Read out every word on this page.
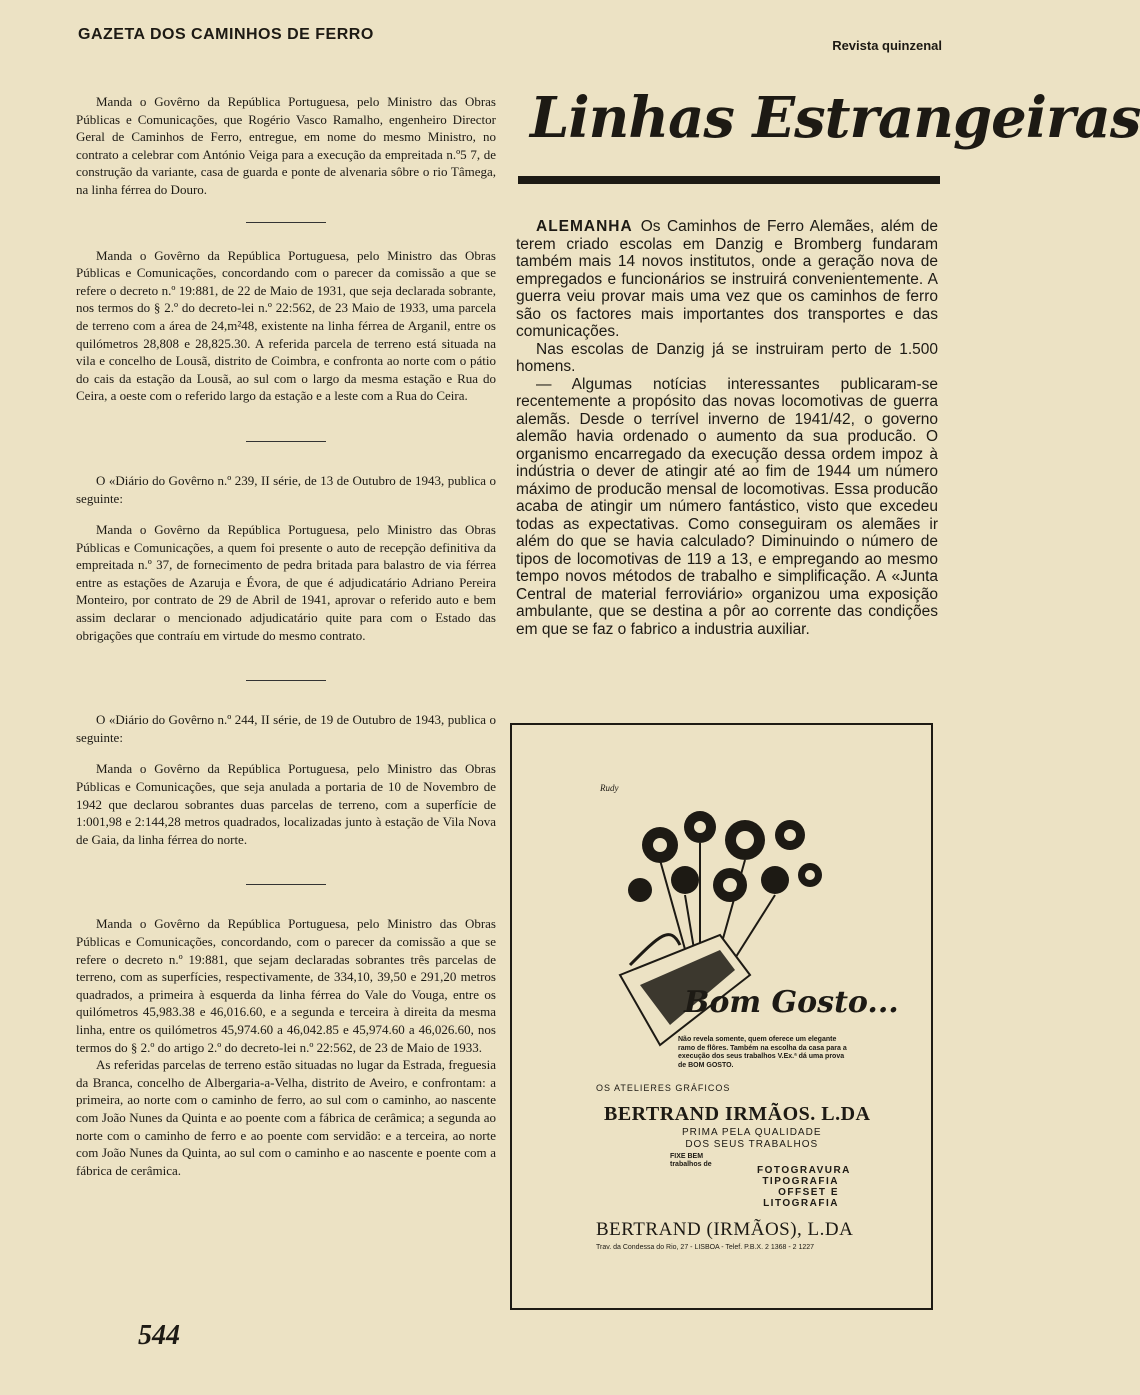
GAZETA DOS CAMINHOS DE FERRO
Revista quinzenal

Manda o Govêrno da República Portuguesa, pelo Ministro das Obras Públicas e Comunicações, que Rogério Vasco Ramalho, engenheiro Director Geral de Caminhos de Ferro, entregue, em nome do mesmo Ministro, no contrato a celebrar com António Veiga para a execução da empreitada n.º5 7, de construção da variante, casa de guarda e ponte de alvenaria sôbre o rio Tâmega, na linha férrea do Douro.

Manda o Govêrno da República Portuguesa, pelo Ministro das Obras Públicas e Comunicações, concordando com o parecer da comissão a que se refere o decreto n.º 19:881, de 22 de Maio de 1931, que seja declarada sobrante, nos termos do § 2.º do decreto-lei n.º 22:562, de 23 Maio de 1933, uma parcela de terreno com a área de 24,m²48, existente na linha férrea de Arganil, entre os quilómetros 28,808 e 28,825.30. A referida parcela de terreno está situada na vila e concelho de Lousã, distrito de Coimbra, e confronta ao norte com o pátio do cais da estação da Lousã, ao sul com o largo da mesma estação e Rua do Ceira, a oeste com o referido largo da estação e a leste com a Rua do Ceira.

O «Diário do Govêrno n.º 239, II série, de 13 de Outubro de 1943, publica o seguinte:

Manda o Govêrno da República Portuguesa, pelo Ministro das Obras Públicas e Comunicações, a quem foi presente o auto de recepção definitiva da empreitada n.º 37, de fornecimento de pedra britada para balastro de via férrea entre as estações de Azaruja e Évora, de que é adjudicatário Adriano Pereira Monteiro, por contrato de 29 de Abril de 1941, aprovar o referido auto e bem assim declarar o mencionado adjudicatário quite para com o Estado das obrigações que contraíu em virtude do mesmo contrato.

O «Diário do Govêrno n.º 244, II série, de 19 de Outubro de 1943, publica o seguinte:

Manda o Govêrno da República Portuguesa, pelo Ministro das Obras Públicas e Comunicações, que seja anulada a portaria de 10 de Novembro de 1942 que declarou sobrantes duas parcelas de terreno, com a superfície de 1:001,98 e 2:144,28 metros quadrados, localizadas junto à estação de Vila Nova de Gaia, da linha férrea do norte.

Manda o Govêrno da República Portuguesa, pelo Ministro das Obras Públicas e Comunicações, concordando, com o parecer da comissão a que se refere o decreto n.º 19:881, que sejam declaradas sobrantes três parcelas de terreno, com as superfícies, respectivamente, de 334,10, 39,50 e 291,20 metros quadrados, a primeira à esquerda da linha férrea do Vale do Vouga, entre os quilómetros 45,983.38 e 46,016.60, e a segunda e terceira à direita da mesma linha, entre os quilómetros 45,974.60 a 46,042.85 e 45,974.60 a 46,026.60, nos termos do § 2.º do artigo 2.º do decreto-lei n.º 22:562, de 23 de Maio de 1933.

As referidas parcelas de terreno estão situadas no lugar da Estrada, freguesia da Branca, concelho de Albergaria-a-Velha, distrito de Aveiro, e confrontam: a primeira, ao norte com o caminho de ferro, ao sul com o caminho, ao nascente com João Nunes da Quinta e ao poente com a fábrica de cerâmica; a segunda ao norte com o caminho de ferro e ao poente com servidão: e a terceira, ao norte com João Nunes da Quinta, ao sul com o caminho e ao nascente e poente com a fábrica de cerâmica.

544
Linhas Estrangeiras

ALEMANHA Os Caminhos de Ferro Alemães, além de terem criado escolas em Danzig e Bromberg fundaram também mais 14 novos institutos, onde a geração nova de empregados e funcionários se instruirá convenientemente. A guerra veiu provar mais uma vez que os caminhos de ferro são os factores mais importantes dos transportes e das comunicações.

Nas escolas de Danzig já se instruiram perto de 1.500 homens.

— Algumas notícias interessantes publicaram-se recentemente a propósito das novas locomotivas de guerra alemãs. Desde o terrível inverno de 1941/42, o governo alemão havia ordenado o aumento da sua producão. O organismo encarregado da execução dessa ordem impoz à indústria o dever de atingir até ao fim de 1944 um número máximo de producão mensal de locomotivas. Essa producão acaba de atingir um número fantástico, visto que excedeu todas as expectativas. Como conseguiram os alemães ir além do que se havia calculado? Diminuindo o número de tipos de locomotivas de 119 a 13, e empregando ao mesmo tempo novos métodos de trabalho e simplificação. A «Junta Central de material ferroviário» organizou uma exposição ambulante, que se destina a pôr ao corrente das condições em que se faz o fabrico a industria auxiliar.

Rudy
Bom Gosto...
Não revela somente, quem oferece um elegante ramo de flôres. Também na escolha da casa para a execução dos seus trabalhos V.Ex.ª dá uma prova de BOM GOSTO.
OS ATELIERES GRÁFICOS
BERTRAND IRMÃOS. L.DA
PRIMA PELA QUALIDADE
DOS SEUS TRABALHOS
FIXE BEM
trabalhos de
FOTOGRAVURA
TIPOGRAFIA
OFFSET E
LITOGRAFIA
BERTRAND (IRMÃOS), L.DA
Trav. da Condessa do Rio, 27 - LISBOA - Telef. P.B.X. 2 1368 - 2 1227
